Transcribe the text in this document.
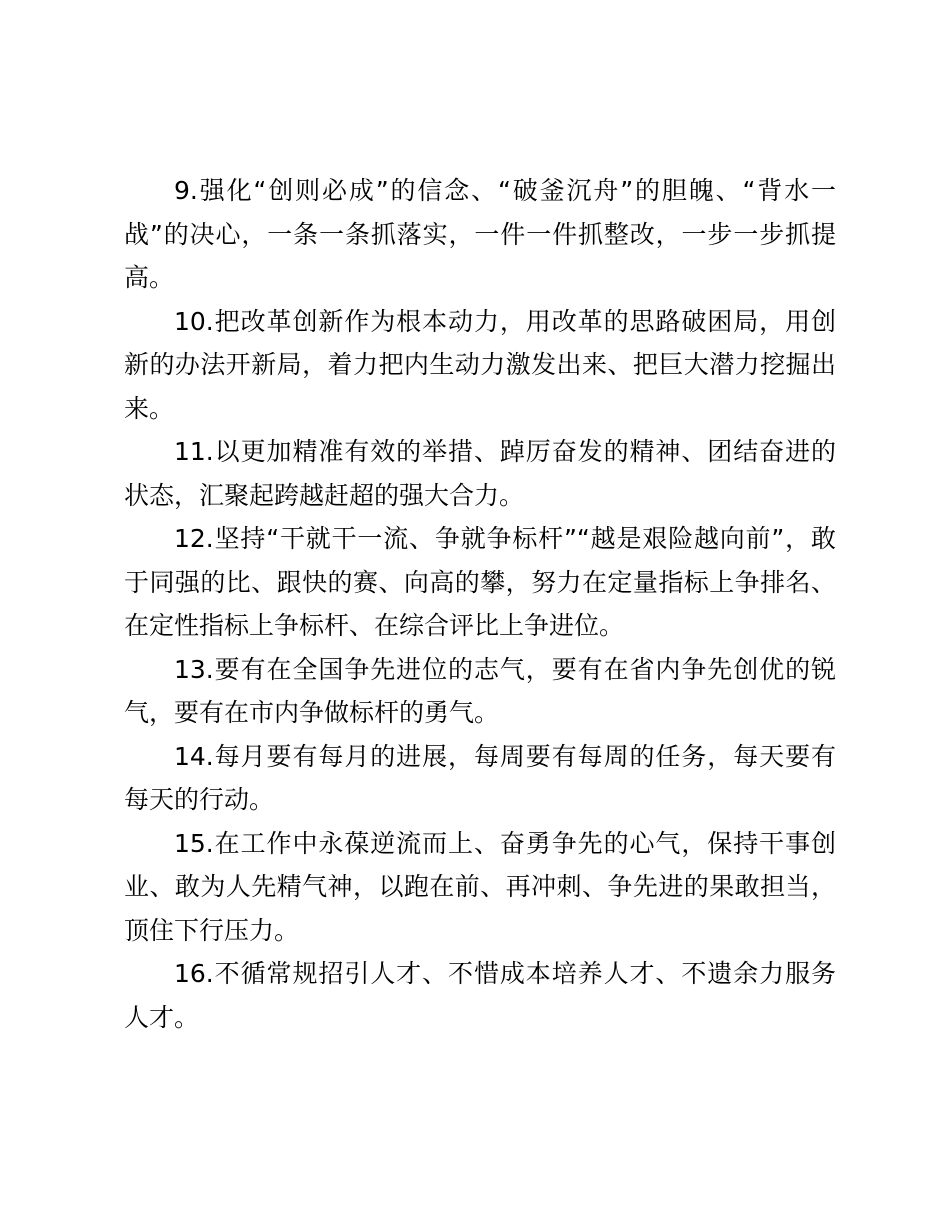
9.强化“创则必成”的信念、“破釜沉舟”的胆魄、“背水一战”的决心，一条一条抓落实，一件一件抓整改，一步一步抓提高。

10.把改革创新作为根本动力，用改革的思路破困局，用创新的办法开新局，着力把内生动力激发出来、把巨大潜力挖掘出来。

11.以更加精准有效的举措、踔厉奋发的精神、团结奋进的状态，汇聚起跨越赶超的强大合力。

12.坚持“干就干一流、争就争标杆”“越是艰险越向前”，敢于同强的比、跟快的赛、向高的攀，努力在定量指标上争排名、在定性指标上争标杆、在综合评比上争进位。

13.要有在全国争先进位的志气，要有在省内争先创优的锐气，要有在市内争做标杆的勇气。

14.每月要有每月的进展，每周要有每周的任务，每天要有每天的行动。

15.在工作中永葆逆流而上、奋勇争先的心气，保持干事创业、敢为人先精气神，以跑在前、再冲刺、争先进的果敢担当，顶住下行压力。

16.不循常规招引人才、不惜成本培养人才、不遗余力服务人才。
